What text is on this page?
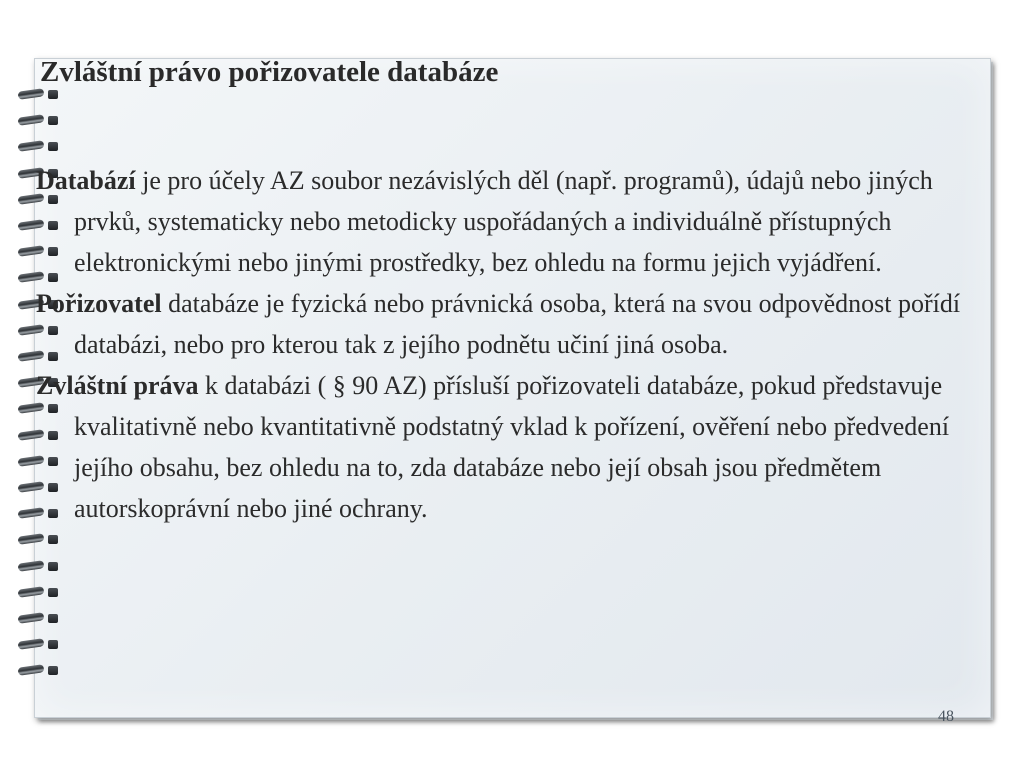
Zvláštní právo pořizovatele databáze

Databází je pro účely AZ soubor nezávislých děl (např. programů), údajů nebo jiných prvků, systematicky nebo metodicky uspořádaných a individuálně přístupných elektronickými nebo jinými prostředky, bez ohledu na formu jejich vyjádření.

Pořizovatel databáze je fyzická nebo právnická osoba, která na svou odpovědnost pořídí databázi, nebo pro kterou tak z jejího podnětu učiní jiná osoba.

Zvláštní práva k databázi ( § 90 AZ) přísluší pořizovateli databáze, pokud představuje kvalitativně nebo kvantitativně podstatný vklad k pořízení, ověření nebo předvedení jejího obsahu, bez ohledu na to, zda databáze nebo její obsah jsou předmětem autorskoprávní nebo jiné ochrany.

48
